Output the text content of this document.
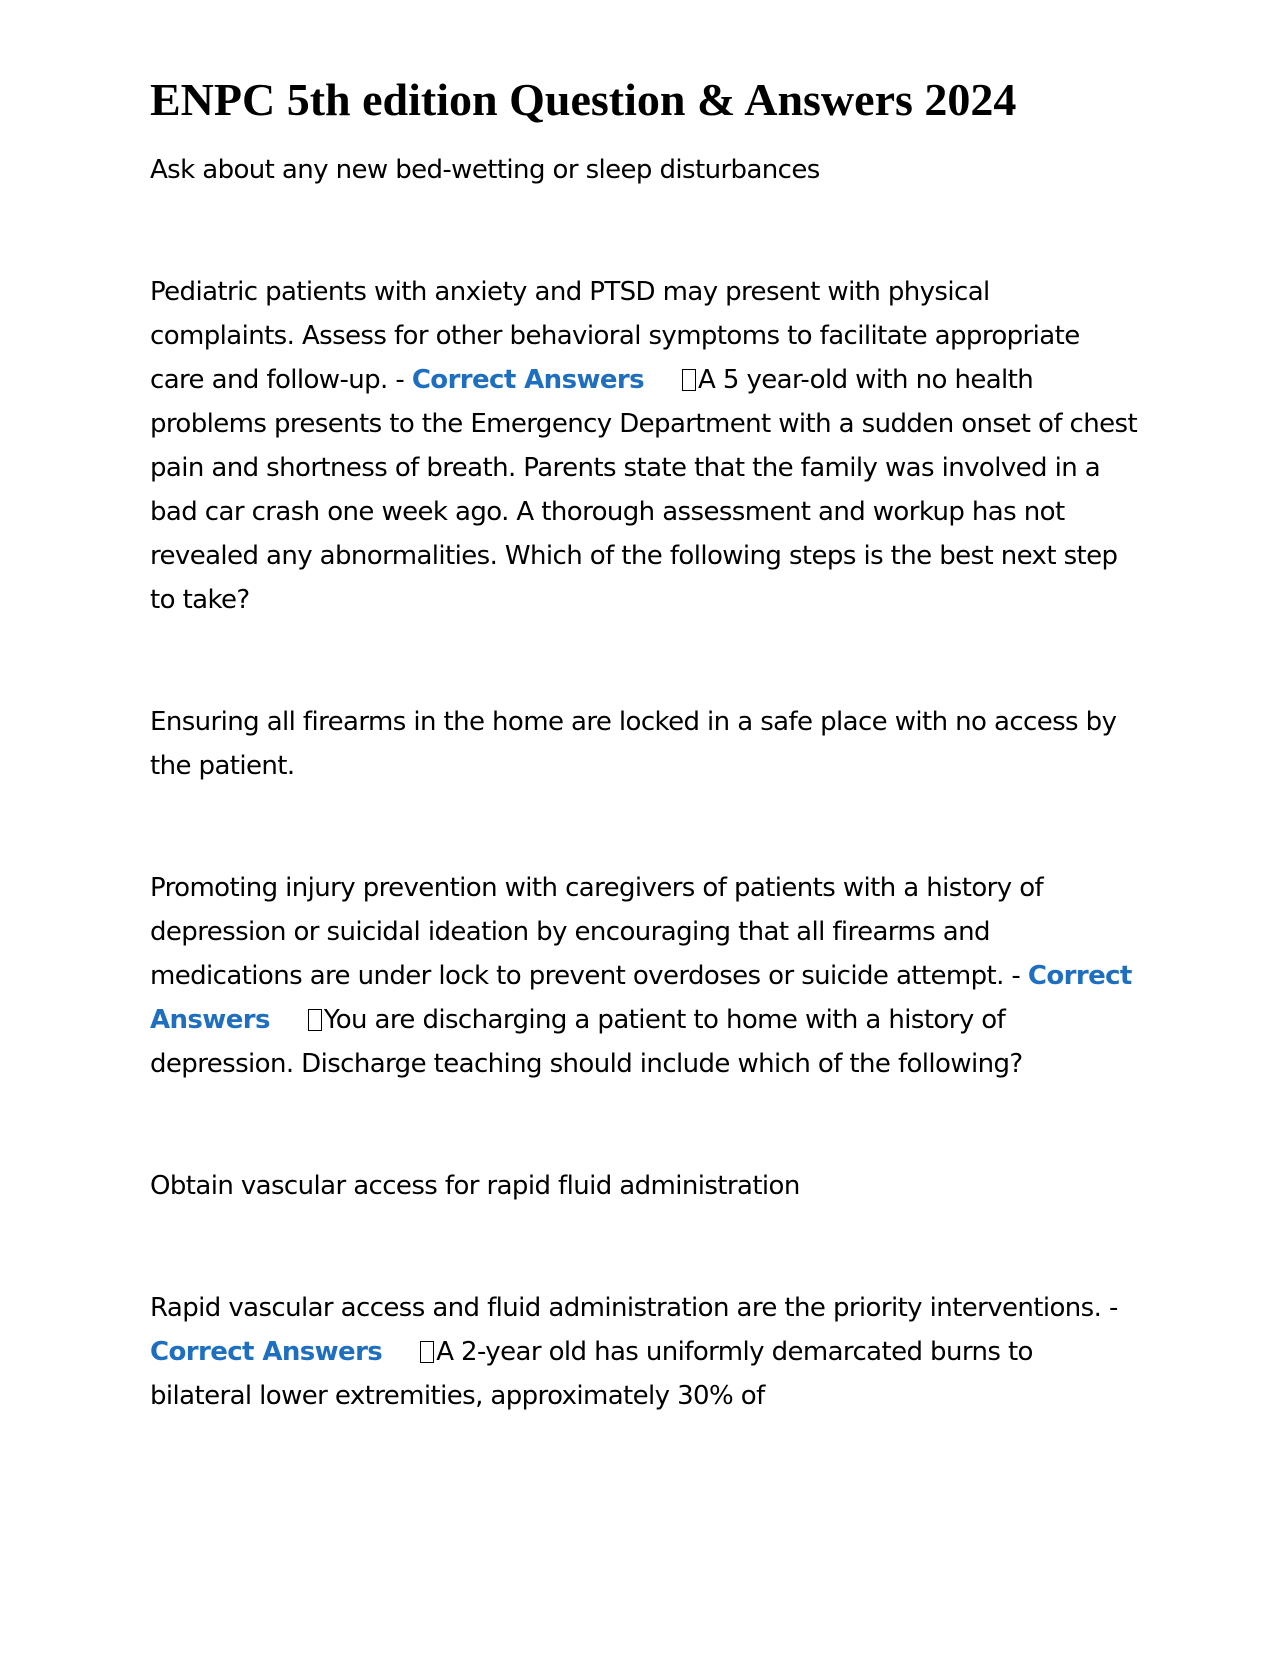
ENPC 5th edition Question & Answers 2024

Ask about any new bed-wetting or sleep disturbances

Pediatric patients with anxiety and PTSD may present with physical complaints. Assess for other behavioral symptoms to facilitate appropriate care and follow-up. - Correct Answers A 5 year-old with no health problems presents to the Emergency Department with a sudden onset of chest pain and shortness of breath. Parents state that the family was involved in a bad car crash one week ago. A thorough assessment and workup has not revealed any abnormalities. Which of the following steps is the best next step to take?

Ensuring all firearms in the home are locked in a safe place with no access by the patient.

Promoting injury prevention with caregivers of patients with a history of depression or suicidal ideation by encouraging that all firearms and medications are under lock to prevent overdoses or suicide attempt. - Correct Answers You are discharging a patient to home with a history of depression. Discharge teaching should include which of the following?

Obtain vascular access for rapid fluid administration

Rapid vascular access and fluid administration are the priority interventions. - Correct Answers A 2-year old has uniformly demarcated burns to bilateral lower extremities, approximately 30% of
